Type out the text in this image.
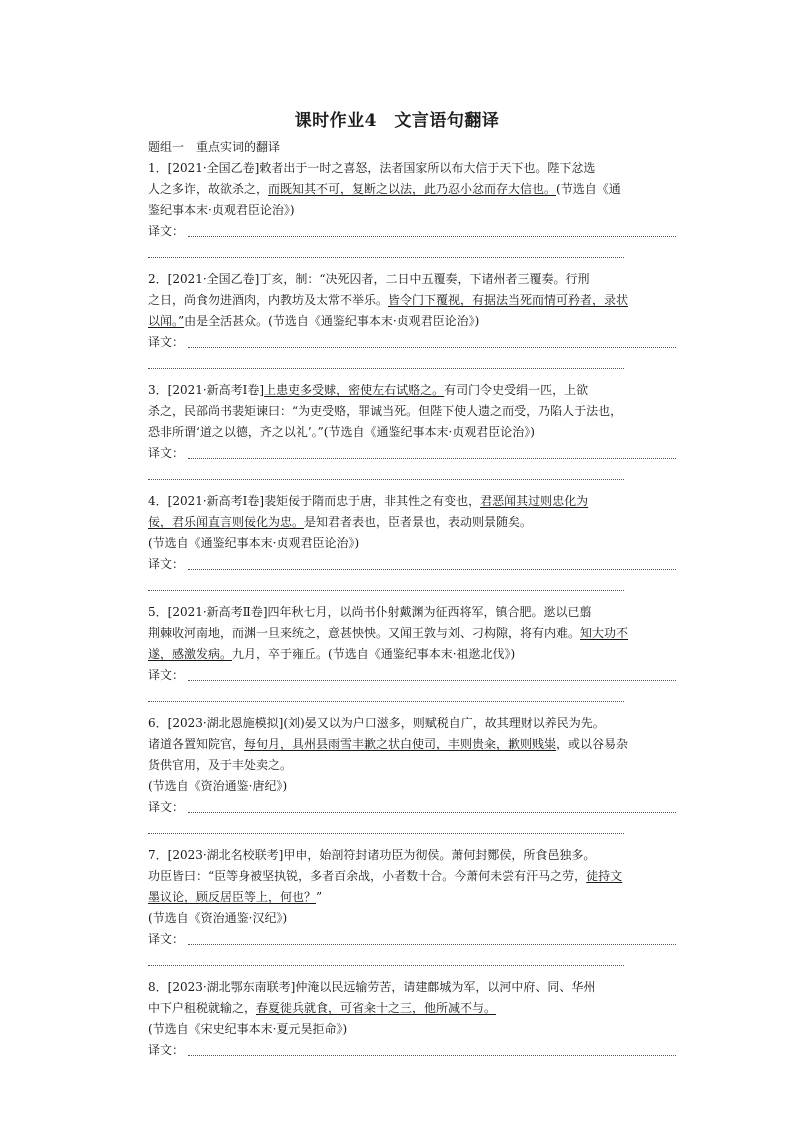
课时作业4　文言语句翻译
题组一　重点实词的翻译
1．[2021·全国乙卷]敕者出于一时之喜怒，法者国家所以布大信于天下也。陛下忿选
人之多诈，故欲杀之，而既知其不可，复断之以法，此乃忍小忿而存大信也。(节选自《通
鉴纪事本末·贞观君臣论治》)
译文：
2．[2021·全国乙卷]丁亥，制：“决死囚者，二日中五覆奏，下诸州者三覆奏。行刑
之日，尚食勿进酒肉，内教坊及太常不举乐。皆令门下覆视，有据法当死而情可矜者，录状
以闻。”由是全活甚众。(节选自《通鉴纪事本末·贞观君臣论治》)
译文：
3．[2021·新高考Ⅰ卷]上患吏多受赇，密使左右试赂之。有司门令史受绢一匹，上欲
杀之，民部尚书裴矩谏曰：“为吏受赂，罪诚当死。但陛下使人遗之而受，乃陷人于法也，
恐非所谓‘道之以德，齐之以礼’。”(节选自《通鉴纪事本末·贞观君臣论治》)
译文：
4．[2021·新高考Ⅰ卷]裴矩佞于隋而忠于唐，非其性之有变也，君恶闻其过则忠化为
佞，君乐闻直言则佞化为忠。是知君者表也，臣者景也，表动则景随矣。
(节选自《通鉴纪事本末·贞观君臣论治》)
译文：
5．[2021·新高考Ⅱ卷]四年秋七月，以尚书仆射戴渊为征西将军，镇合肥。逖以已翦
荆棘收河南地，而渊一旦来统之，意甚怏怏。又闻王敦与刘、刁构隙，将有内难。知大功不
遂，感激发病。九月，卒于雍丘。(节选自《通鉴纪事本末·祖逖北伐》)
译文：
6．[2023·湖北恩施模拟](刘)晏又以为户口滋多，则赋税自广，故其理财以养民为先。
诸道各置知院官，每旬月，具州县雨雪丰歉之状白使司，丰则贵籴，歉则贱粜，或以谷易杂
货供官用，及于丰处卖之。
(节选自《资治通鉴·唐纪》)
译文：
7．[2023·湖北名校联考]甲申，始剖符封诸功臣为彻侯。萧何封酂侯，所食邑独多。
功臣皆曰：“臣等身被坚执锐，多者百余战，小者数十合。今萧何未尝有汗马之劳，徒持文
墨议论，顾反居臣等上，何也？”
(节选自《资治通鉴·汉纪》)
译文：
8．[2023·湖北鄂东南联考]仲淹以民远输劳苦，请建鄜城为军，以河中府、同、华州
中下户租税就输之，春夏徙兵就食，可省籴十之三，他所减不与。
(节选自《宋史纪事本末·夏元昊拒命》)
译文：
